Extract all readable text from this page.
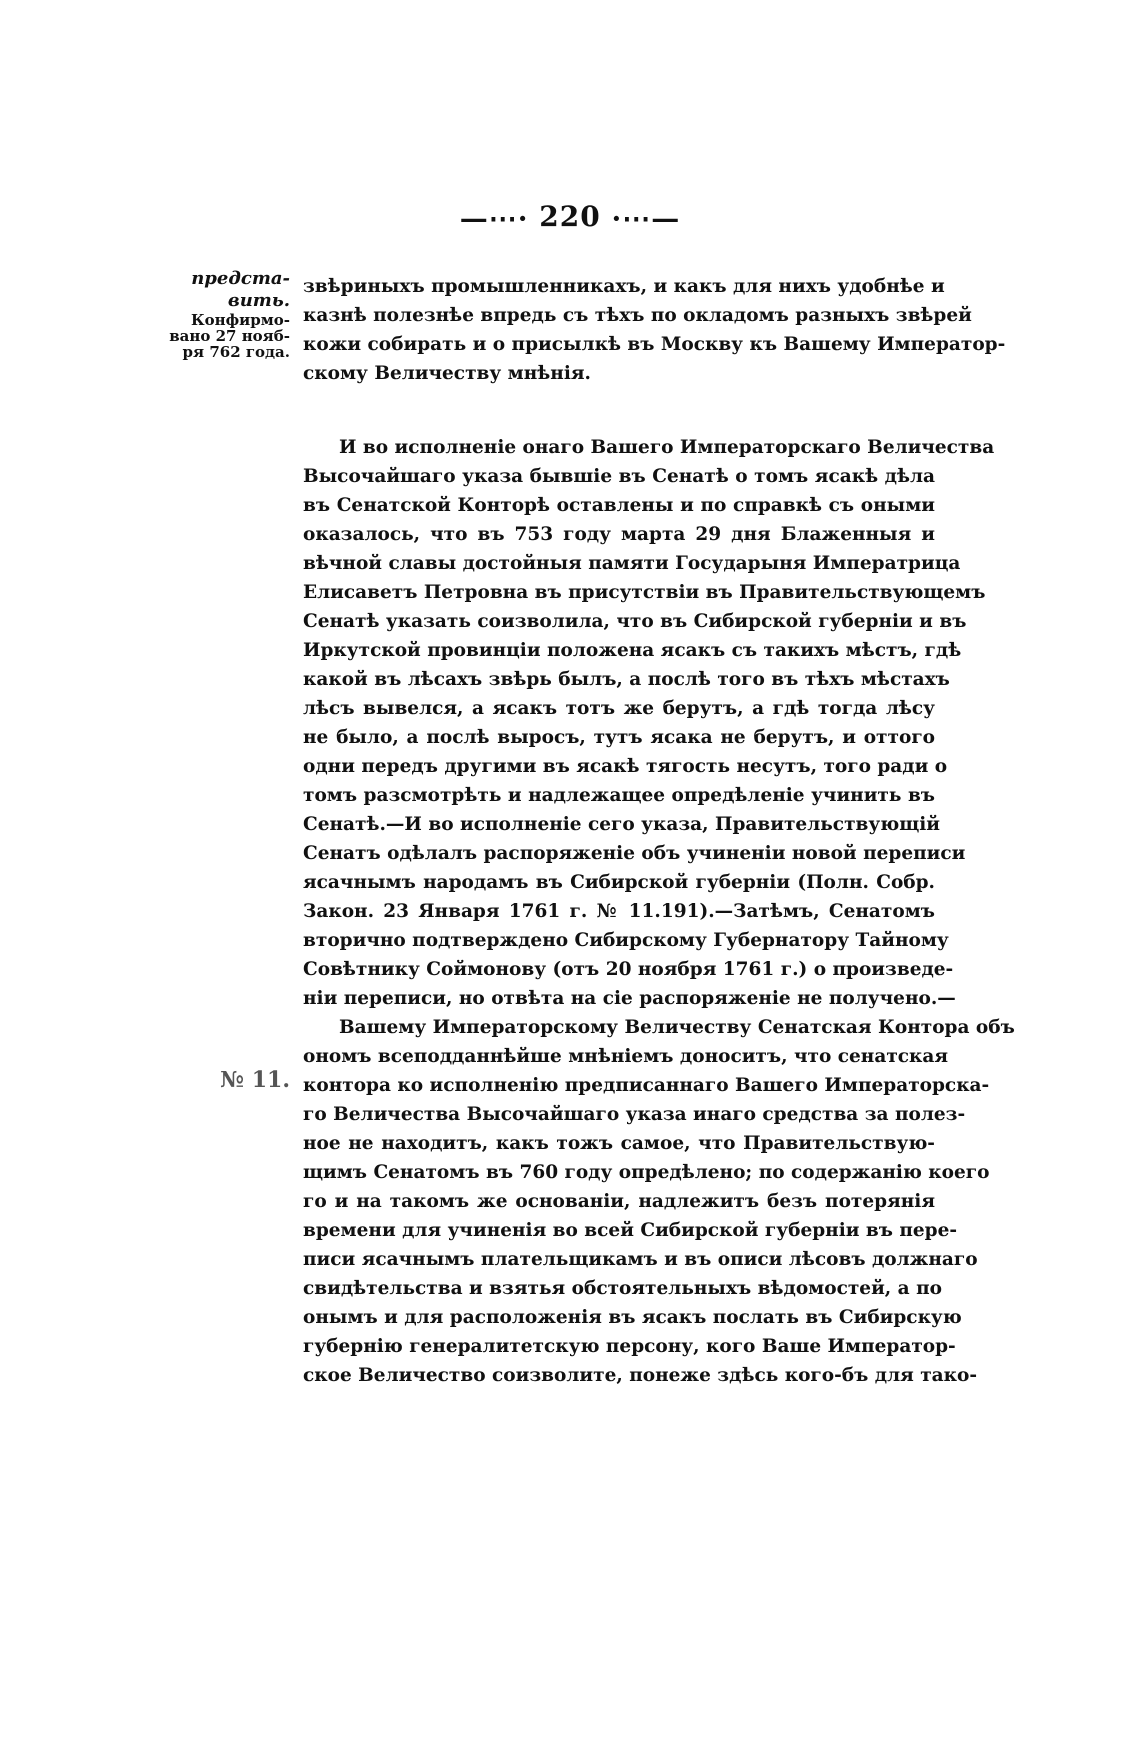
—⋯· 220 ·⋯—
предста-
вить.
Конфирмо-
вано 27 нояб-
ря 762 года.
№ 11.
звѣриныхъ промышленникахъ, и какъ для нихъ удобнѣе и
казнѣ полезнѣе впредь съ тѣхъ по окладомъ разныхъ звѣрей
кожи собирать и о присылкѣ въ Москву къ Вашему Император-
скому Величеству мнѣнія.
И во исполненіе онаго Вашего Императорскаго Величества
Высочайшаго указа бывшіе въ Сенатѣ о томъ ясакѣ дѣла
въ Сенатской Конторѣ оставлены и по справкѣ съ оными
оказалось, что въ 753 году марта 29 дня Блаженныя и
вѣчной славы достойныя памяти Государыня Императрица
Елисаветъ Петровна въ присутствіи въ Правительствующемъ
Сенатѣ указать соизволила, что въ Сибирской губерніи и въ
Иркутской провинціи положена ясакъ съ такихъ мѣстъ, гдѣ
какой въ лѣсахъ звѣрь былъ, а послѣ того въ тѣхъ мѣстахъ
лѣсъ вывелся, а ясакъ тотъ же берутъ, а гдѣ тогда лѣсу
не было, а послѣ выросъ, тутъ ясака не берутъ, и оттого
одни передъ другими въ ясакѣ тягость несутъ, того ради о
томъ разсмотрѣть и надлежащее опредѣленіе учинить въ
Сенатѣ.—И во исполненіе сего указа, Правительствующій
Сенатъ одѣлалъ распоряженіе объ учиненіи новой переписи
ясачнымъ народамъ въ Сибирской губерніи (Полн. Собр.
Закон. 23 Января 1761 г. № 11.191).—Затѣмъ, Сенатомъ
вторично подтверждено Сибирскому Губернатору Тайному
Совѣтнику Соймонову (отъ 20 ноября 1761 г.) о произведе-
ніи переписи, но отвѣта на сіе распоряженіе не получено.—
Вашему Императорскому Величеству Сенатская Контора объ
ономъ всеподданнѣйше мнѣніемъ доноситъ, что сенатская
контора ко исполненію предписаннаго Вашего Императорска-
го Величества Высочайшаго указа инаго средства за полез-
ное не находитъ, какъ тожъ самое, что Правительствую-
щимъ Сенатомъ въ 760 году опредѣлено; по содержанію коего
го и на такомъ же основаніи, надлежитъ безъ потерянія
времени для учиненія во всей Сибирской губерніи въ пере-
писи ясачнымъ плательщикамъ и въ описи лѣсовъ должнаго
свидѣтельства и взятья обстоятельныхъ вѣдомостей, а по
онымъ и для расположенія въ ясакъ послать въ Сибирскую
губернію генералитетскую персону, кого Ваше Император-
ское Величество соизволите, понеже здѣсь кого-бъ для тако-
